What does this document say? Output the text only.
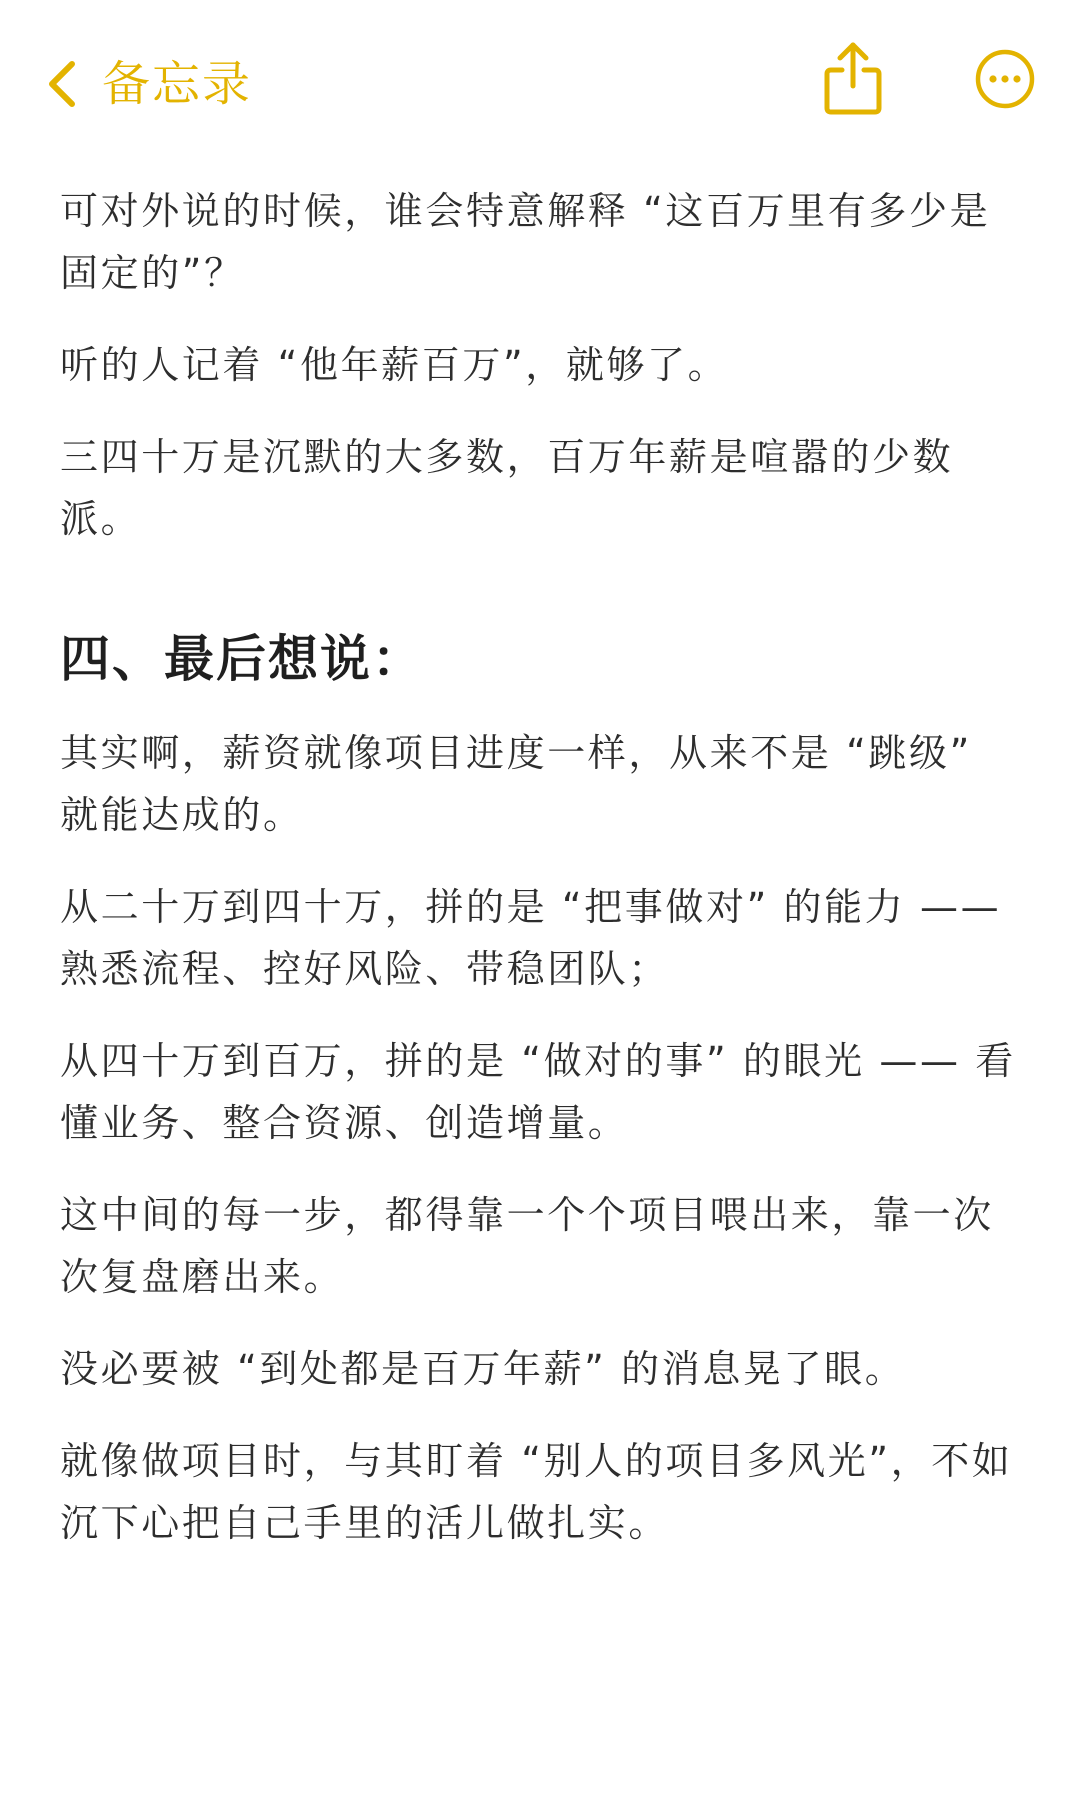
备忘录

可对外说的时候，谁会特意解释 “这百万里有多少是固定的”？

听的人记着 “他年薪百万”，就够了。

三四十万是沉默的大多数，百万年薪是喧嚣的少数派。

四、最后想说：

其实啊，薪资就像项目进度一样，从来不是 “跳级” 就能达成的。

从二十万到四十万，拼的是 “把事做对” 的能力 —— 熟悉流程、控好风险、带稳团队；

从四十万到百万，拼的是 “做对的事” 的眼光 —— 看懂业务、整合资源、创造增量。

这中间的每一步，都得靠一个个项目喂出来，靠一次次复盘磨出来。

没必要被 “到处都是百万年薪” 的消息晃了眼。

就像做项目时，与其盯着 “别人的项目多风光”，不如沉下心把自己手里的活儿做扎实。
